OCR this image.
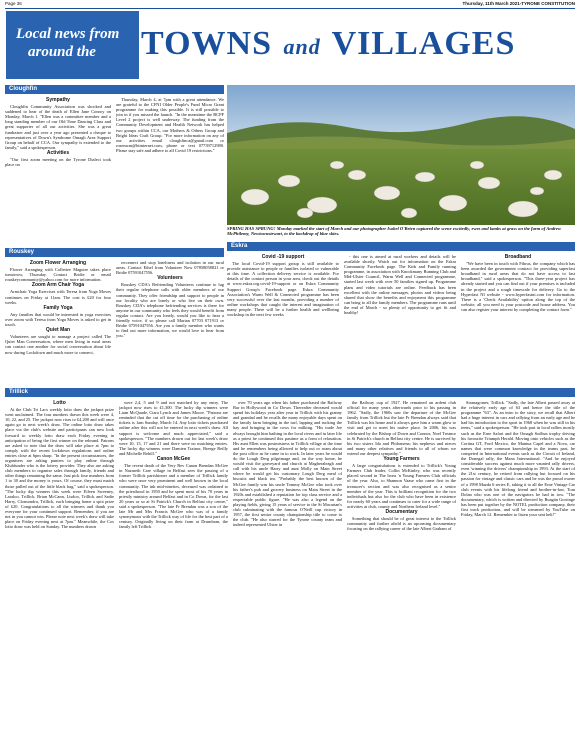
Page 36	Thursday, 11th March 2021-TYRONE CONSTITUTION
Local news from
around the TOWNS and VILLAGES
Cloughfin
Sympathy

Cloughfin Community Association was shocked and saddened to hear of the death of Ellen Jane Conroy on Monday, March 1. "Ellen was a committee member and a long standing member of our Old Time Dancing Class and great supporter of all our activities. She was a great fundraiser and just over a year ago presented a cheque to representatives of Down's Syndrome Omagh Area Support Group on behalf of CCA. Our sympathy is extended to the family," said a spokesperson.

Activities

"Our first zoom meeting on the Tyrone Dialect took place on

Thursday, March 4, at 7pm with a great attendance. We are grateful to the CFNI Older People's Fund Micro Grant programme for making this possible. It is still possible to join in if you missed the launch. "In the meantime the BCPF Level 2 project is well underway. The funding from the Community Development and Health Network has helped two groups within CCA, our Mothers & Others Group and Bright Ideas Craft Group. "For more information on any of our activities email cloughfinca@gmail.com or rosemcm@btinternet.com, phone or text 07739712980. Please stay safe and adhere to all Covid 19 restrictions."

Rouskey
Zoom Flower Arranging

Flower Arranging with Collettee Maguire takes place tomorrow, Thursday. Contact Bridie or email rouskeycommunity@yahoo.com for more information.

Zoom Arm Chair Yoga

Armchair Yoga Exercises with Teresa from Yoga Moves continues on Friday at 11am. The cost is £20 for four weeks.

Family Yoga

Any families that would be interested in yoga exercises over zoom with Teresa from Yoga Moves is asked to get in touch.

Quiet Man

Volunteers are sought to manage a project called The Quiet Man Conversation, where men living in rural areas can contact one another for social conversation about life now during Lockdown and much more to connect,

reconnect and stop loneliness and isolation in our rural areas. Contact Ethel from Volunteer Now 07858058821 or Bridie 07591047556.

Volunteers

Rouskey CDA's Befriending Volunteers continue to lug their regular telephone calls with older members of our community. They offer friendship and support to people in our locality who are lonely or who live on their own. Rouskey CDA's telephone befriending services is there for anyone in our community who feels they would benefit from regular contact. Are you lonely, would you like to hear a friendly voice, if so please call Marian 07703 071913 or Bridie 07591047556. Are you a family member who wants to find out more information, we would love to hear from you."

SPRING HAS SPRUNG! Monday marked the start of March and our photographer Isobel O'Brien captured the scene excitedly, ewes and lambs at grass on the farm of Andrew McPhilemy, Newtownstewart, to the backdrop of blue skies.
Eskra
Covid -19 support

The local Covid-19 support group is still available to provide assistance to people or families isolated or vulnerable at this time. A collection delivery service is available. For details of the contact person in your area, check out the details at www.eskra.org.covid-19-support or on Eskra Community Support Group's Facebook page. Eskra Community Association's Warm Well & Connected programme has been very successful over the last months, providing a number of online workshops that caught the interest and imagination of many people. There will be a further health and wellbeing workshop in the next few weeks

- this one is aimed at rural workers and details will be available shortly. Watch out for information on the Eskra Community Facebook page. The Kids and Family running programme, in association with Knockmany Running Club and Mid-Ulster Council, Warm Well and Connected programme, started last week with over 50 families signed up. Programme plans and video tutorials are online. Feedback has been excellent with the online messages, photos and videos being shared that show the benefits and enjoyment this programme can bring to all the family members. The programme runs until the end of March - so plenty of opportunity to get fit and healthy!

Broadband

"We have been in touch with Fibrus, the company which has been awarded the government contract for providing superfast broadband in rural areas that do not have access to fast broadband," said a spokesperson. "This three-year project has already started and you can find out if your premises is included in the project and a rough timescale for delivery. Go to the Hyperfast NI website - www.hyperfastni.com for information. There is a 'Check Availability' option along the top of the website, all you need is your postcode and house address. You can also register your interest by completing the contact form."

Trillick
Lotto

At the Club Tri Lacs weekly lotto draw the jackpot prize went unclaimed. The four numbers drawn this week were 4, 10, 22, and 25. The jackpot now rises to £4,200 and will once again go to next week's draw. The online lotto draw takes place via the club's website and participants can now look forward to weekly lotto draw each Friday evening in anticipation of being the first winner on the rebrand. Patrons are asked to note that the draw will take place at 7pm to comply with the recent lockdown regulations and online entries close at 6pm sharp. "In the present circumstances, the organisers are asking punters to play online through Klubfunder who is the lottery provider. They also are asking club members to organise sales through family, friends and other things remaining the same. Just pick four numbers from 1 to 30 and the money is yours. Of course, they must match those pulled out of the little black bag," said a spokesperson. "The lucky dip winners this week were Eileen Sweeney, Laraloo, Trillick, Brian McCann, Lisdoo, Trillick and Sadie Harry, Clonsondra, Trillick, each bringing home a spot prize of £20. Congratulations to all the winners and thank you everyone for your continued support. Remember, if you are not in you cannot win. Please note next week's draw will take place on Friday evening next at 7pm." Meanwhile, the Cos lotto draw was held on Sunday. The numbers drawn

were 2,4, 5 and 9 and not matched by any entry. The jackpot now rises to £1,300. The lucky dip winners were Liam McQuade, Ciara Lynch and James Moore. "Patrons are reminded that the cut off time for the purchasing of online tickets is 1am Sunday, March 14. Any lotto tickets purchased online after this will not be entered in next week's draw. All support is welcome and much appreciated," said a spokesperson. "The numbers drawn out for last week's draw were 10, 15, 17 and 21 and there were no matching entries. The lucky dip winners were Damien Trainor, Breege Reilly and Michelle Rehill."

Canon McGee

The recent death of the Very Rev Canon Brendan McGee in Nazareth Care village in Belfast sees the passing of a former Trillick parishioner and a member of Trillick family who were once very prominent and well known in the local community. The ink mid-nineties, deceased was ordained to the priesthood in 1950 and he spent most of his 70 years in priestly ministry around Belfast and in Co Down, for the last 20 years or so at St Patrick's Church in Belfast city centre," said a spokesperson. "The late Fr Brendan was a son of the late Mr and Mrs Francis McGee who was of a family synonymous with the Trillick way of life for the best part of a century. Originally living on their farm at Drumbran, the family left Trillick

over 70 years ago when his father purchased the Railway Bar in Hollywood in Co Down. Thereafter deceased would spend his holidays year after year in Trillick with his granny and grandad and he recalls the many enjoyable days spent on the family farm bringing in the turf, lapping and rucking the hay and bringing in the cows for milking. "His trade Joe always brought him bathing in the local rivers and in later life as a priest he continued this pastime as a form of relaxation. His aunt Ellen was postmistress in Trillick village at the time and he remembers being allowed to help out or roam about the post office as he came in to work. In later years he would do the Lough Derg pilgrimage and, on the way home, he would visit the graveyard and church at Magheraleagh and call with his uncle Harry and aunt Molly on Main Street where he would get his customary Lough Derg meal of biscuits and black tea. "Probably the best known of the McGee family was his uncle Tommy McGee who took over his father's pub and grocery business on Main Street in the 1920s and established a reputation for top class service and a respectable public figure. "He was also a legend on the playing fields, giving 15 years of service to the St Macartan's club culminating with the famous O'Neill cup victory in 1957, the first senior county championship title to come to the club. "He also starred for the Tyrone county team and indeed represented Ulster in

the Railway cup of 1927. He remained an ardent club official for many years afterwards prior to his passing in 1962. "Sadly, the 1960s saw the departure of the McGee family from Trillick but the late Fr Brendan always said that Trillick was his home and it always gave him a warm glow to visit and get to meet his native place. In 2006, his was celebrated by the Bishop of Down and Connor, Noel Treanor in St Patrick's church in Belfast city centre. He is survived by his two sisters Ida and Philomena; his nephews and nieces and many other relatives and friends to all of whom we extend our deepest sympathy."

Young Farmers

A large congratulations is extended to Trillick's Young Farmers Club leader, Collin McKinley, who was recently placed second in The Irons 'n Young Farmers Club officials of the year. Also, to Shannon Vaase who came first in the treasurer's section and was also recognised as a senior member of the year. This is brilliant recognition for the two individuals but also for the club who have been in existence for nearly 60 years and continues to cater for a wide range of activities at club, county and Northern Ireland level."

Documentary

Something that should be of great interest to the Trillick community and further afield is an upcoming documentary focusing on the rallying career of the late Albert Graham of

Stranagomer, Trillick. "Sadly, the late Albert passed away at the relatively early age of 63 and hence the title of the programme "63". As an intro to the story, we recall that Albert had a huge interest in cars and rallying from an early age and he had his introduction to the sport in 1968 when he was still in his teens," said a spokesperson. "He took part in local rallies mostly such as the Erne Safari and the Omagh Sodbus trophy driving his favourite Triumph Herald. Moving onto vehicles such as the Cortina GT, Ford Mexico, the Mantua Capel and a Nova, car names that were common knowledge in the teams part, he competed in International events such as the Circuit of Ireland, the Donegal rally, the Manx International. "And he enjoyed considerable success against much more vaunted rally drivers, even 'winning the drivers' championship in 1993. At the start of the 21st century, he retired from rallying but focused on his passion for vintage and classic cars and he was the proud owner of a 1998 Mazda 6 series E, taking it to all the Erne Vintage Car club events with his lifelong friend and brother-in-law, Tom Dolan who was one of the navigators he had in tow. "The documentary, which is written and directed by Ruagán Gorringe has been put together by the NOTEL production company, their first track production, and will be streamed by YouTube on Friday, March 12. Remember to listen your seat belt!"
